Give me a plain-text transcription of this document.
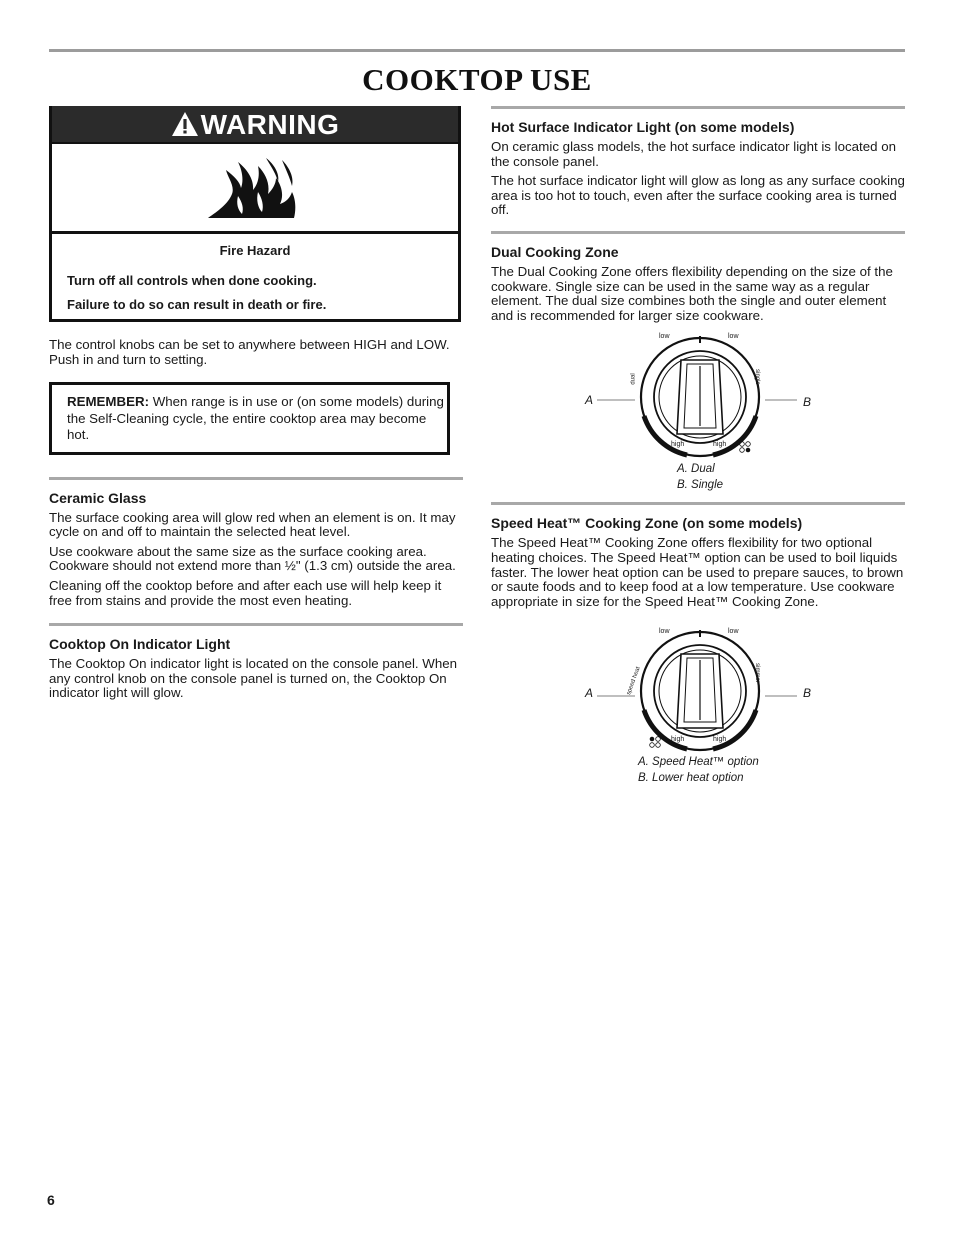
COOKTOP USE
WARNING

Fire Hazard

Turn off all controls when done cooking.

Failure to do so can result in death or fire.

The control knobs can be set to anywhere between HIGH and LOW. Push in and turn to setting.

REMEMBER: When range is in use or (on some models) during the Self-Cleaning cycle, the entire cooktop area may become hot.

Ceramic Glass

The surface cooking area will glow red when an element is on. It may cycle on and off to maintain the selected heat level.

Use cookware about the same size as the surface cooking area. Cookware should not extend more than ½" (1.3 cm) outside the area.

Cleaning off the cooktop before and after each use will help keep it free from stains and provide the most even heating.

Cooktop On Indicator Light

The Cooktop On indicator light is located on the console panel. When any control knob on the console panel is turned on, the Cooktop On indicator light will glow.

Hot Surface Indicator Light (on some models)

On ceramic glass models, the hot surface indicator light is located on the console panel.

The hot surface indicator light will glow as long as any surface cooking area is too hot to touch, even after the surface cooking area is turned off.

Dual Cooking Zone

The Dual Cooking Zone offers flexibility depending on the size of the cookware. Single size can be used in the same way as a regular element. The dual size combines both the single and outer element and is recommended for larger size cookware.

A	B
low	low
high	high
dual	single
A. Dual
B. Single
Speed Heat™ Cooking Zone (on some models)

The Speed Heat™ Cooking Zone offers flexibility for two optional heating choices. The Speed Heat™ option can be used to boil liquids faster. The lower heat option can be used to prepare sauces, to brown or saute foods and to keep food at a low temperature. Use cookware appropriate in size for the Speed Heat™ Cooking Zone.

A	B
low	low
high	high
speed heat	simmer
A. Speed Heat™ option
B. Lower heat option
6
